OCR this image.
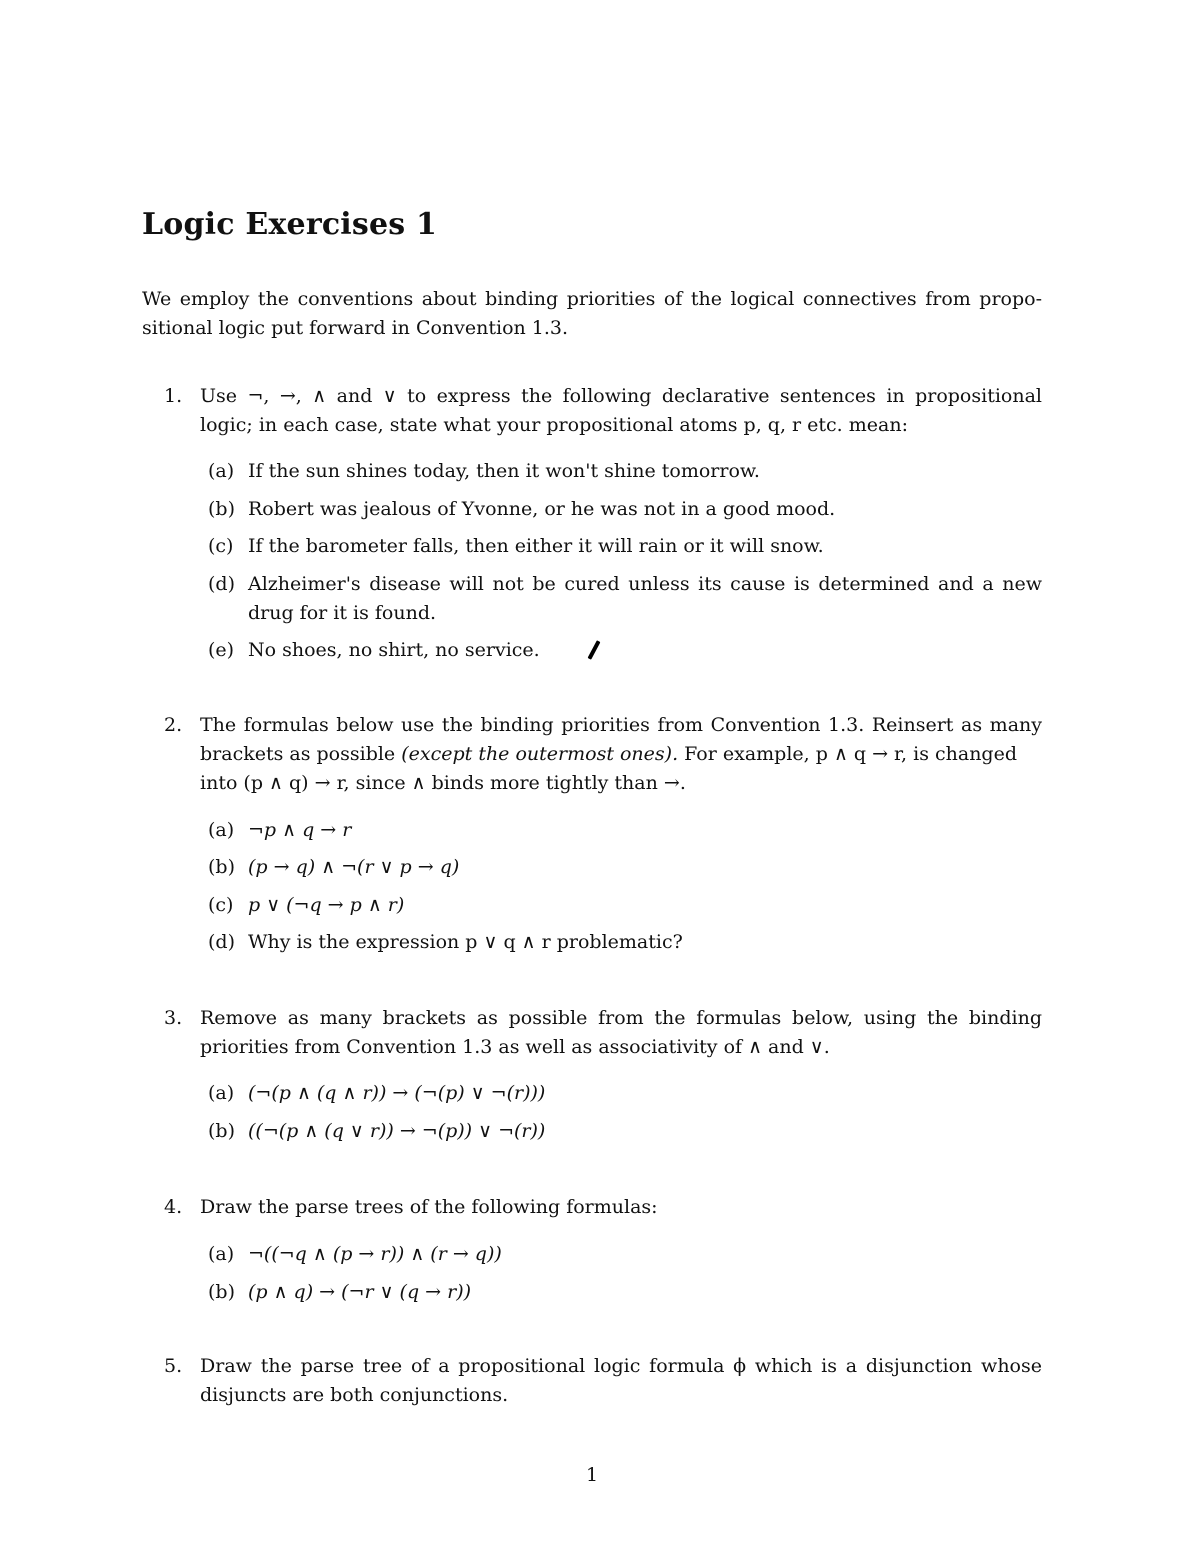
Logic Exercises 1
We employ the conventions about binding priorities of the logical connectives from propo-
sitional logic put forward in Convention 1.3.
1. Use ¬, →, ∧ and ∨ to express the following declarative sentences in propositional
logic; in each case, state what your propositional atoms p, q, r etc. mean:
(a) If the sun shines today, then it won't shine tomorrow.
(b) Robert was jealous of Yvonne, or he was not in a good mood.
(c) If the barometer falls, then either it will rain or it will snow.
(d) Alzheimer's disease will not be cured unless its cause is determined and a new
drug for it is found.
(e) No shoes, no shirt, no service.
2. The formulas below use the binding priorities from Convention 1.3. Reinsert as many
brackets as possible (except the outermost ones). For example, p ∧ q → r, is changed
into (p ∧ q) → r, since ∧ binds more tightly than →.
(a) ¬p ∧ q → r
(b) (p → q) ∧ ¬(r ∨ p → q)
(c) p ∨ (¬q → p ∧ r)
(d) Why is the expression p ∨ q ∧ r problematic?
3. Remove as many brackets as possible from the formulas below, using the binding
priorities from Convention 1.3 as well as associativity of ∧ and ∨.
(a) (¬(p ∧ (q ∧ r)) → (¬(p) ∨ ¬(r)))
(b) ((¬(p ∧ (q ∨ r)) → ¬(p)) ∨ ¬(r))
4. Draw the parse trees of the following formulas:
(a) ¬((¬q ∧ (p → r)) ∧ (r → q))
(b) (p ∧ q) → (¬r ∨ (q → r))
5. Draw the parse tree of a propositional logic formula ϕ which is a disjunction whose
disjuncts are both conjunctions.
1
